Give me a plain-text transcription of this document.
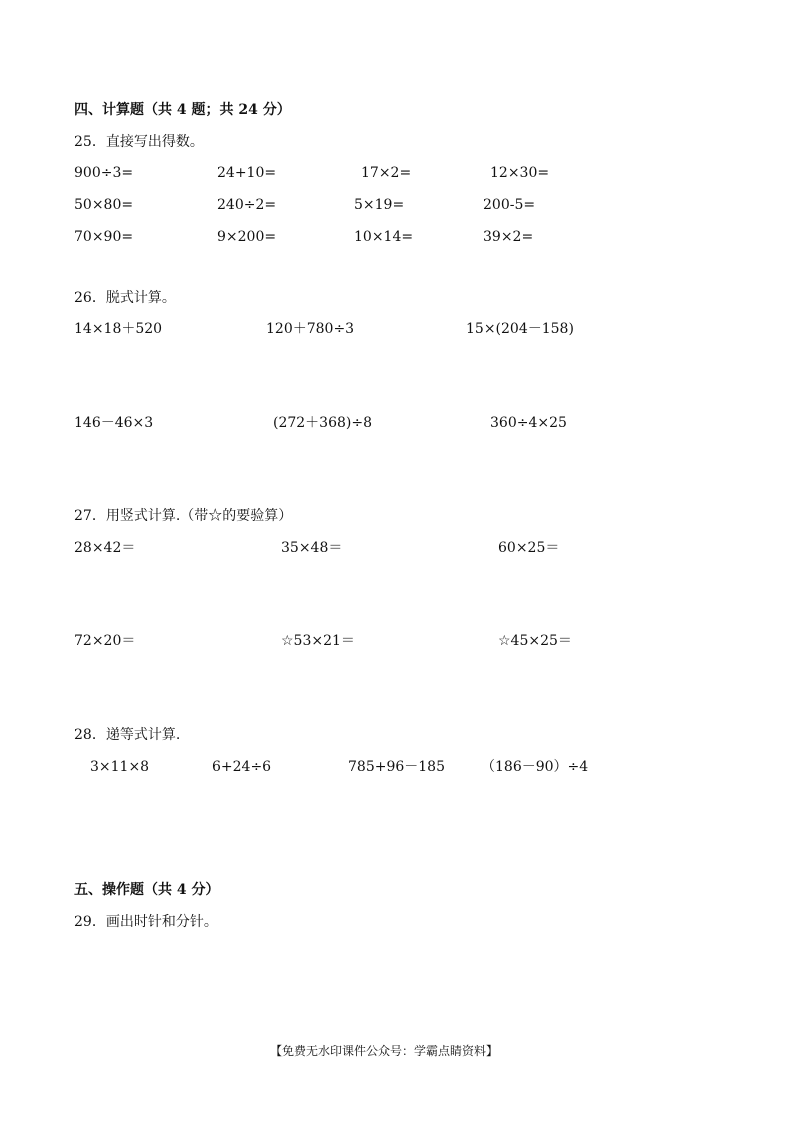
四、计算题（共 4 题；共 24 分）
25．直接写出得数。
900÷3=	24+10=	17×2=	12×30=
50×80=	240÷2=	5×19=	200-5=
70×90=	9×200=	10×14=	39×2=
26．脱式计算。
14×18＋520	120＋780÷3	15×(204－158)
146－46×3	(272＋368)÷8	360÷4×25
27．用竖式计算.（带☆的要验算）
28×42＝	35×48＝	60×25＝
72×20＝	☆53×21＝	☆45×25＝
28．递等式计算.
3×11×8	6+24÷6	785+96－185	（186－90）÷4
五、操作题（共 4 分）
29．画出时针和分针。
【免费无水印课件公众号：学霸点睛资料】
